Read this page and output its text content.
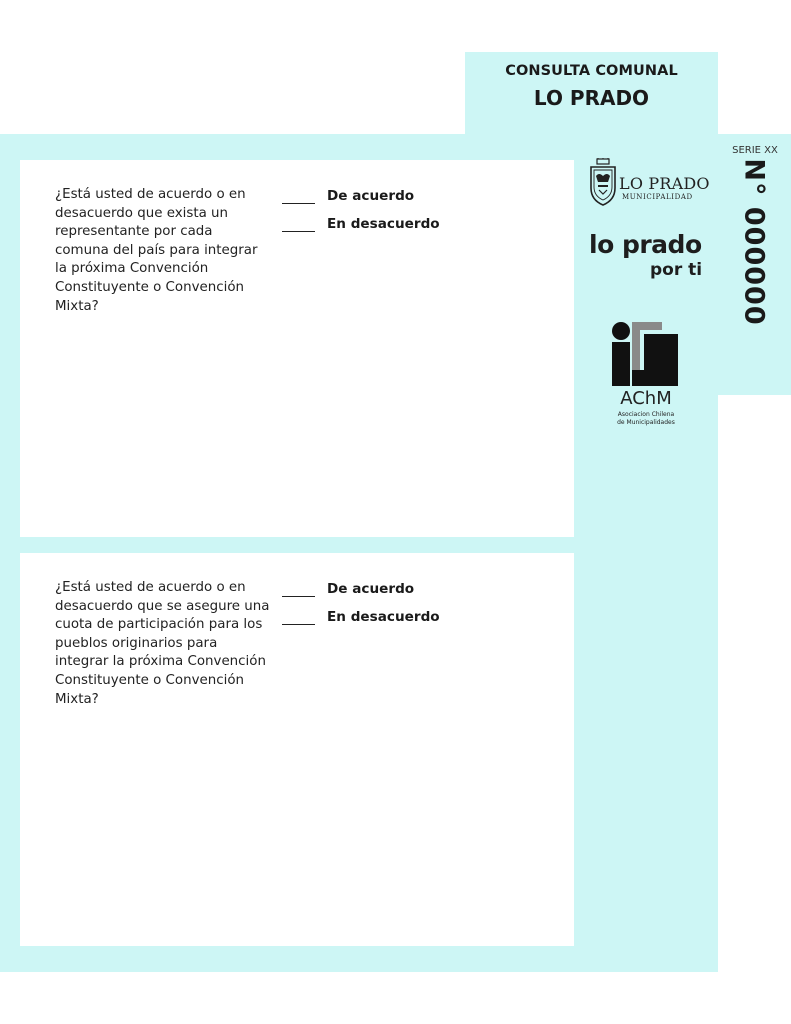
CONSULTA COMUNAL
LO PRADO
¿Está usted de acuerdo o en desacuerdo que exista un representante por cada comuna del país para integrar la próxima Convención Constituyente o Convención Mixta?
De acuerdo
En desacuerdo
¿Está usted de acuerdo o en desacuerdo que se asegure una cuota de participación para los pueblos originarios para integrar la próxima Convención Constituyente o Convención Mixta?
De acuerdo
En desacuerdo
SERIE XX
N° 000000
LO PRADO
MUNICIPALIDAD
lo prado
por ti
AChM
Asociacion Chilena
de Municipalidades
